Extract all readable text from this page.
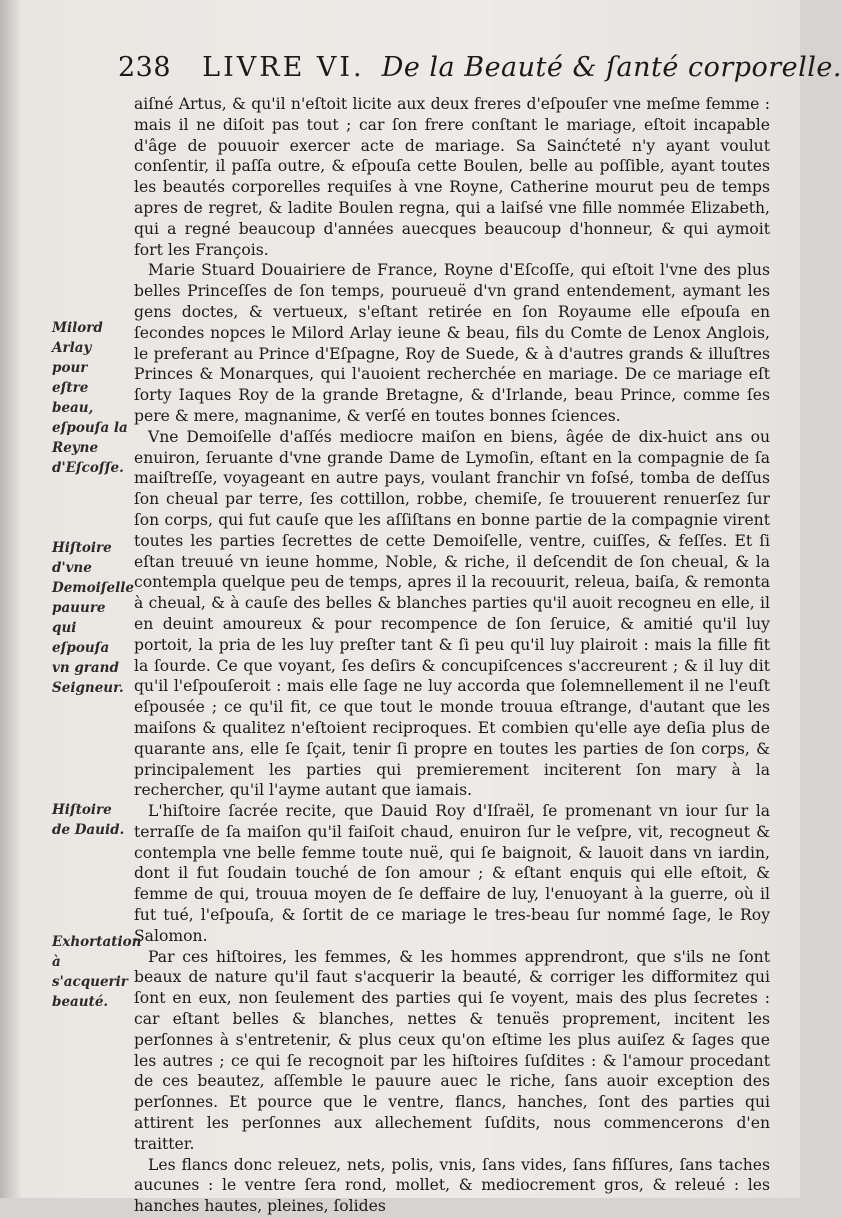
238 LIVRE VI. De la Beauté & ſanté corporelle.
Milord Arlay pour eſtre beau, eſpouſa la Reyne d'Eſcoſſe.
Hiſtoire d'vne Demoiſelle pauure qui eſpouſa vn grand Seigneur.
Hiſtoire de Dauid.
Exhortation à s'acquerir beauté.

aiſné Artus, & qu'il n'eſtoit licite aux deux freres d'eſpouſer vne meſme femme : mais il ne diſoit pas tout ; car ſon frere conſtant le mariage, eſtoit incapable d'âge de pouuoir exercer acte de mariage. Sa Sainćteté n'y ayant voulut conſentir, il paſſa outre, & eſpouſa cette Boulen, belle au poſſible, ayant toutes les beautés corporelles requiſes à vne Royne, Catherine mourut peu de temps apres de regret, & ladite Boulen regna, qui a laiſsé vne fille nommée Elizabeth, qui a regné beaucoup d'années auecques beaucoup d'honneur, & qui aymoit fort les François.

Marie Stuard Douairiere de France, Royne d'Eſcoſſe, qui eſtoit l'vne des plus belles Princeſſes de ſon temps, pourueuë d'vn grand entendement, aymant les gens doctes, & vertueux, s'eſtant retirée en ſon Royaume elle eſpouſa en ſecondes nopces le Milord Arlay ieune & beau, fils du Comte de Lenox Anglois, le preferant au Prince d'Eſpagne, Roy de Suede, & à d'autres grands & illuſtres Princes & Monarques, qui l'auoient recherchée en mariage. De ce mariage eſt ſorty Iaques Roy de la grande Bretagne, & d'Irlande, beau Prince, comme ſes pere & mere, magnanime, & verſé en toutes bonnes ſciences.

Vne Demoiſelle d'aſſés mediocre maiſon en biens, âgée de dix-huict ans ou enuiron, ſeruante d'vne grande Dame de Lymoſin, eſtant en la compagnie de ſa maiſtreſſe, voyageant en autre pays, voulant franchir vn foſsé, tomba de deſſus ſon cheual par terre, ſes cottillon, robbe, chemiſe, ſe trouuerent renuerſez ſur ſon corps, qui fut cauſe que les aſſiſtans en bonne partie de la compagnie virent toutes les parties ſecrettes de cette Demoiſelle, ventre, cuiſſes, & feſſes. Et ſi eſtan treuué vn ieune homme, Noble, & riche, il deſcendit de ſon cheual, & la contempla quelque peu de temps, apres il la recouurit, releua, baiſa, & remonta à cheual, & à cauſe des belles & blanches parties qu'il auoit recogneu en elle, il en deuint amoureux & pour recompence de ſon ſeruice, & amitié qu'il luy portoit, la pria de les luy preſter tant & ſi peu qu'il luy plairoit : mais la fille fit la ſourde. Ce que voyant, ſes deſirs & concupiſcences s'accreurent ; & il luy dit qu'il l'eſpouſeroit : mais elle ſage ne luy accorda que ſolemnellement il ne l'euſt eſpousée ; ce qu'il fit, ce que tout le monde trouua eſtrange, d'autant que les maiſons & qualitez n'eſtoient reciproques. Et combien qu'elle aye deſia plus de quarante ans, elle ſe ſçait, tenir ſi propre en toutes les parties de ſon corps, & principalement les parties qui premierement inciterent ſon mary à la rechercher, qu'il l'ayme autant que iamais.

L'hiſtoire ſacrée recite, que Dauid Roy d'Iſraël, ſe promenant vn iour ſur la terraſſe de ſa maiſon qu'il faiſoit chaud, enuiron ſur le veſpre, vit, recogneut & contempla vne belle femme toute nuë, qui ſe baignoit, & lauoit dans vn iardin, dont il fut ſoudain touché de ſon amour ; & eſtant enquis qui elle eſtoit, & femme de qui, trouua moyen de ſe deffaire de luy, l'enuoyant à la guerre, où il fut tué, l'eſpouſa, & ſortit de ce mariage le tres-beau ſur nommé ſage, le Roy Salomon.

Par ces hiſtoires, les femmes, & les hommes apprendront, que s'ils ne ſont beaux de nature qu'il faut s'acquerir la beauté, & corriger les difformitez qui ſont en eux, non ſeulement des parties qui ſe voyent, mais des plus ſecretes : car eſtant belles & blanches, nettes & tenuës proprement, incitent les perſonnes à s'entretenir, & plus ceux qu'on eſtime les plus auiſez & ſages que les autres ; ce qui ſe recognoit par les hiſtoires ſuſdites : & l'amour procedant de ces beautez, aſſemble le pauure auec le riche, ſans auoir exception des perſonnes. Et pource que le ventre, flancs, hanches, ſont des parties qui attirent les perſonnes aux allechement ſuſdits, nous commencerons d'en traitter.

Les flancs donc releuez, nets, polis, vnis, ſans vides, ſans fiſſures, ſans taches aucunes : le ventre ſera rond, mollet, & mediocrement gros, & releué : les hanches hautes, pleines, ſolides
